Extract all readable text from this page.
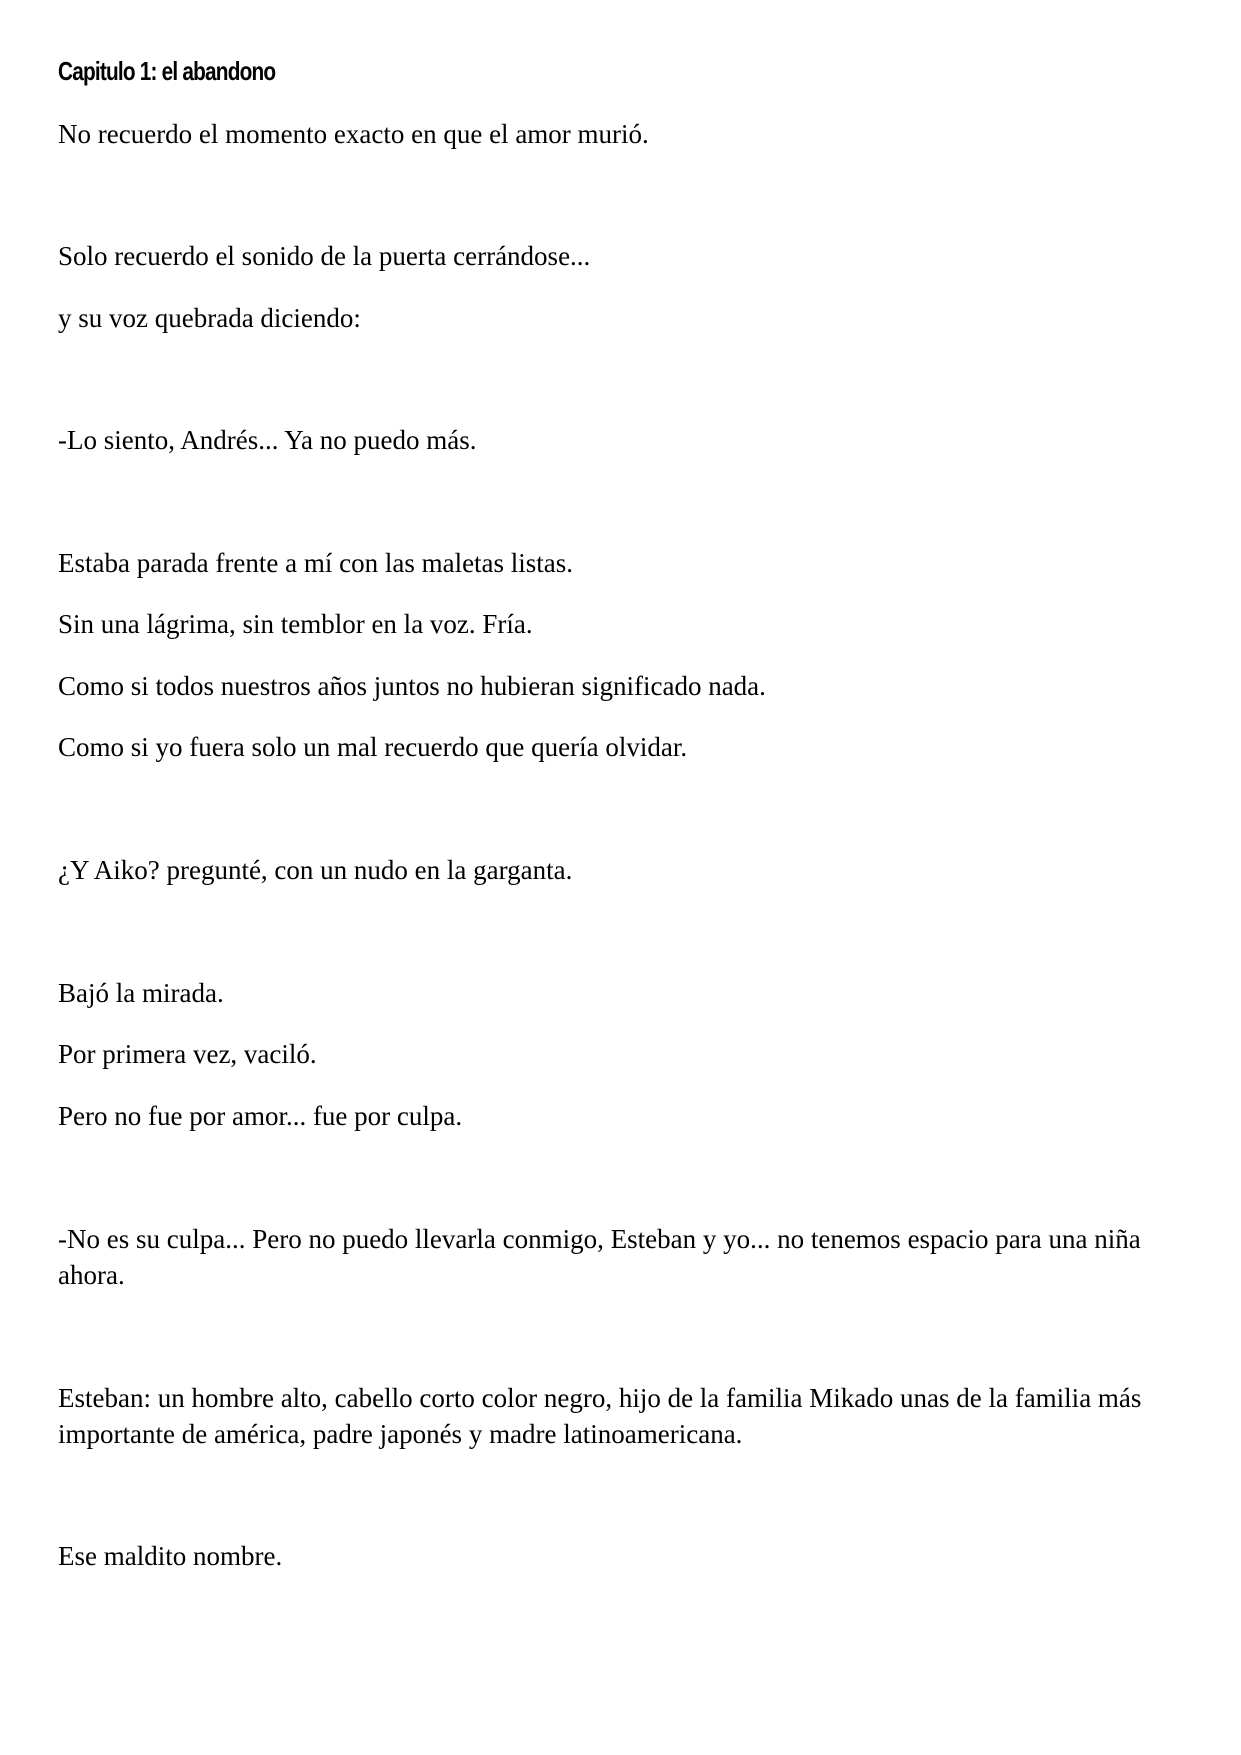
Capitulo 1: el abandono

No recuerdo el momento exacto en que el amor murió.

Solo recuerdo el sonido de la puerta cerrándose...

y su voz quebrada diciendo:

-Lo siento, Andrés... Ya no puedo más.

Estaba parada frente a mí con las maletas listas.

Sin una lágrima, sin temblor en la voz. Fría.

Como si todos nuestros años juntos no hubieran significado nada.

Como si yo fuera solo un mal recuerdo que quería olvidar.

¿Y Aiko? pregunté, con un nudo en la garganta.

Bajó la mirada.

Por primera vez, vaciló.

Pero no fue por amor... fue por culpa.

-No es su culpa... Pero no puedo llevarla conmigo, Esteban y yo... no tenemos espacio para una niña ahora.

Esteban: un hombre alto, cabello corto color negro, hijo de la familia Mikado unas de la familia más importante de américa, padre japonés y madre latinoamericana.

Ese maldito nombre.
